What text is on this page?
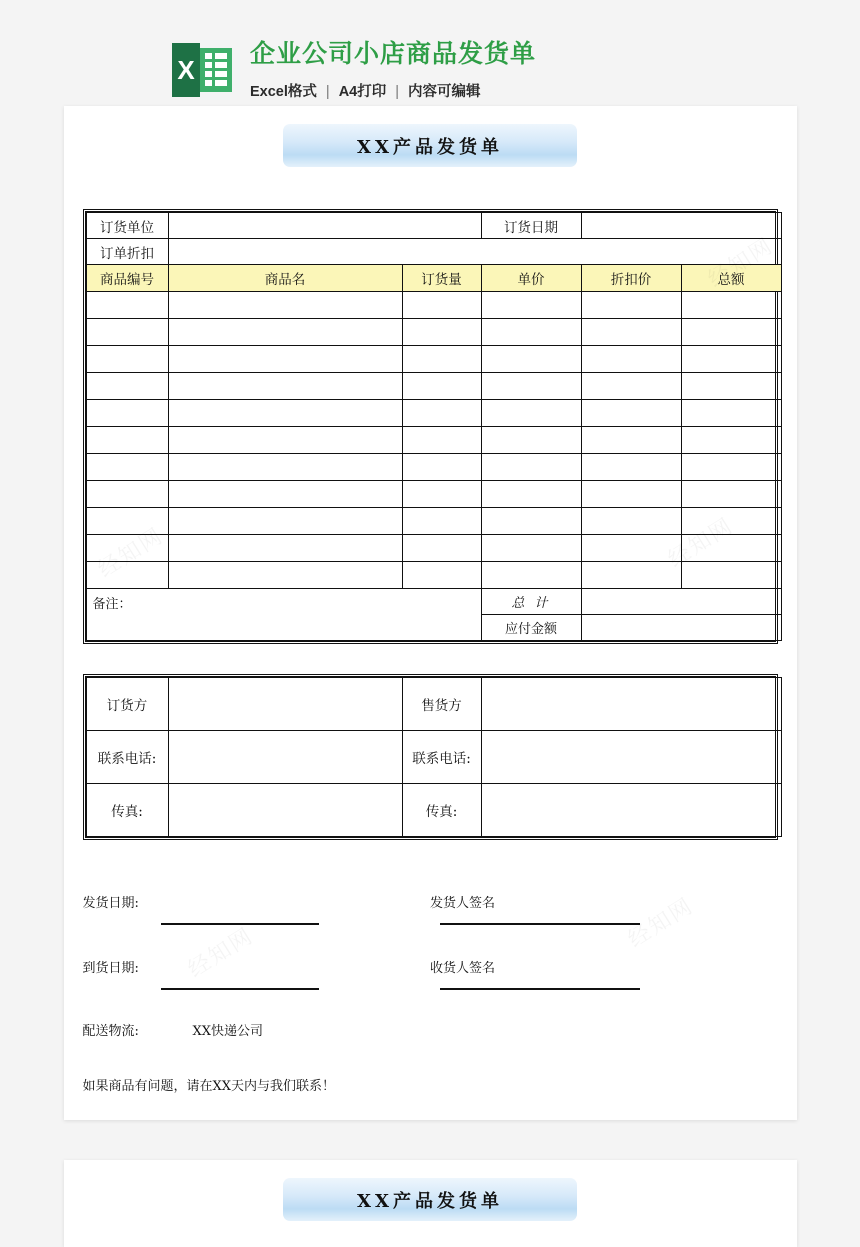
X
企业公司小店商品发货单
Excel格式 | A4打印 | 内容可编辑
XX产品发货单
订货单位			订货日期		
订单折扣					
商品编号	商品名	订货量	单价	折扣价	总额

备注：			总 计		
			应付金额		
订货方		售货方	
联系电话:		联系电话:	
传真:		传真:	
发货日期:	发货人签名
到货日期:	收货人签名
配送物流:	XX快递公司
如果商品有问题，请在XX天内与我们联系！
XX产品发货单
